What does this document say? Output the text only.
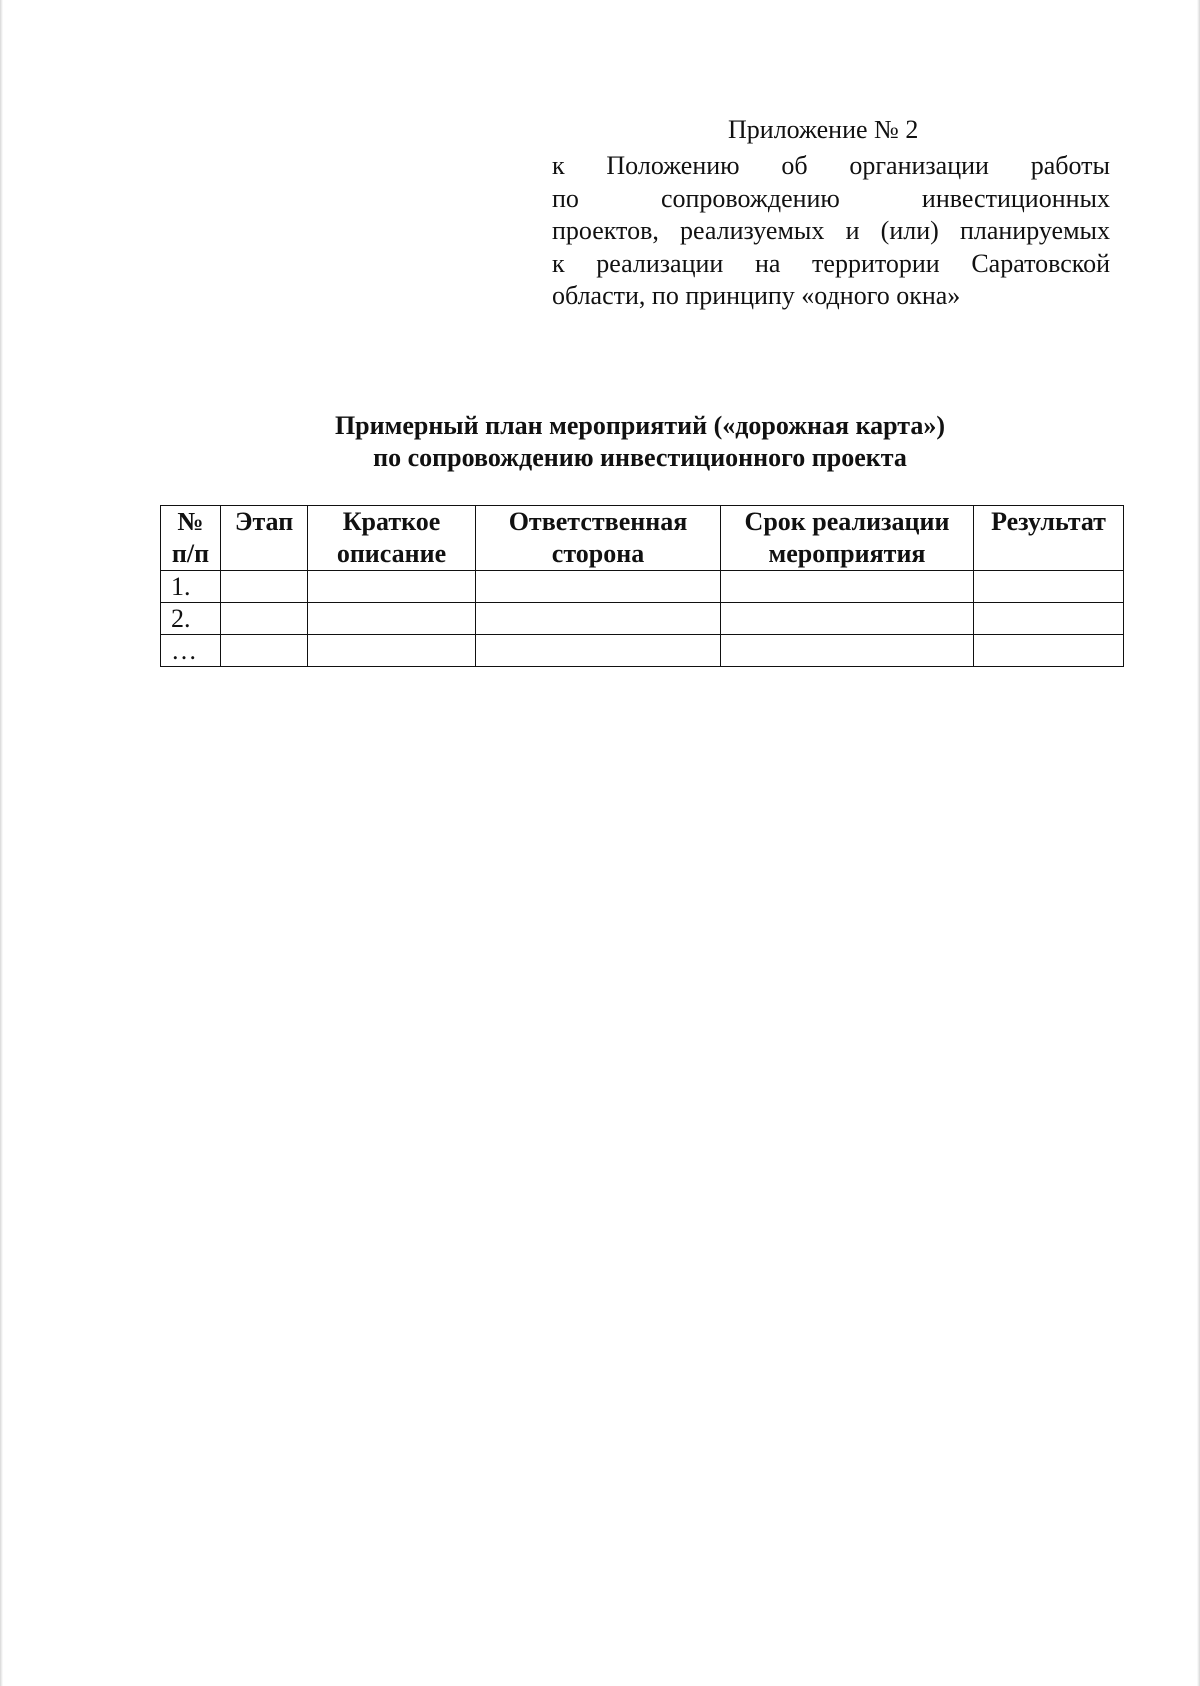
Приложение № 2
к Положению об организации работы
по сопровождению инвестиционных
проектов, реализуемых и (или) планируемых
к реализации на территории Саратовской
области, по принципу «одного окна»
Примерный план мероприятий («дорожная карта»)
по сопровождению инвестиционного проекта
№ п/п	Этап	Краткое описание	Ответственная сторона	Срок реализации мероприятия	Результат
1.					
2.					
…					
